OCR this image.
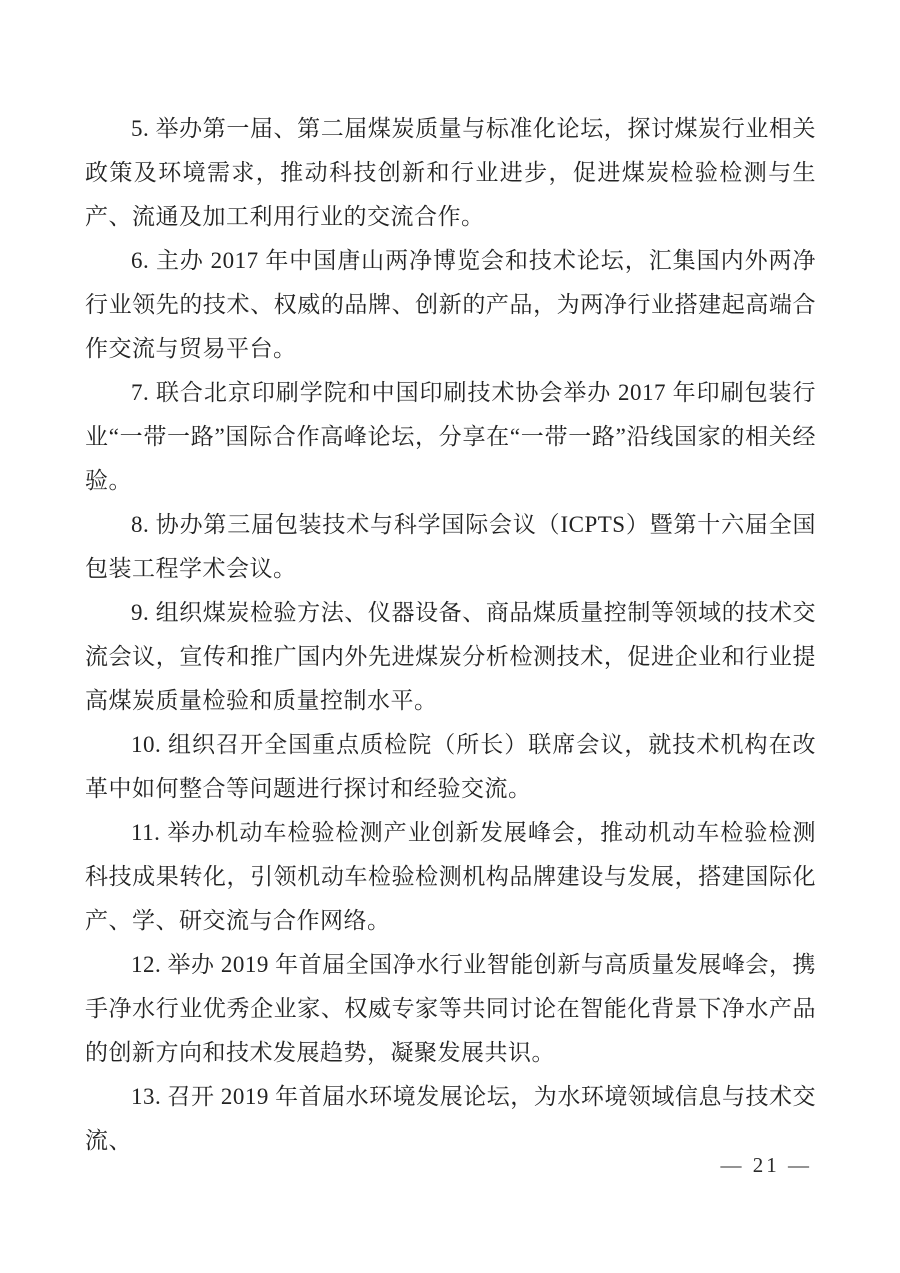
5. 举办第一届、第二届煤炭质量与标准化论坛，探讨煤炭行业相关政策及环境需求，推动科技创新和行业进步，促进煤炭检验检测与生产、流通及加工利用行业的交流合作。

6. 主办 2017 年中国唐山两净博览会和技术论坛，汇集国内外两净行业领先的技术、权威的品牌、创新的产品，为两净行业搭建起高端合作交流与贸易平台。

7. 联合北京印刷学院和中国印刷技术协会举办 2017 年印刷包装行业“一带一路”国际合作高峰论坛，分享在“一带一路”沿线国家的相关经验。

8. 协办第三届包装技术与科学国际会议（ICPTS）暨第十六届全国包装工程学术会议。

9. 组织煤炭检验方法、仪器设备、商品煤质量控制等领域的技术交流会议，宣传和推广国内外先进煤炭分析检测技术，促进企业和行业提高煤炭质量检验和质量控制水平。

10. 组织召开全国重点质检院（所长）联席会议，就技术机构在改革中如何整合等问题进行探讨和经验交流。

11. 举办机动车检验检测产业创新发展峰会，推动机动车检验检测科技成果转化，引领机动车检验检测机构品牌建设与发展，搭建国际化产、学、研交流与合作网络。

12. 举办 2019 年首届全国净水行业智能创新与高质量发展峰会，携手净水行业优秀企业家、权威专家等共同讨论在智能化背景下净水产品的创新方向和技术发展趋势，凝聚发展共识。

13. 召开 2019 年首届水环境发展论坛，为水环境领域信息与技术交流、

— 21 —
